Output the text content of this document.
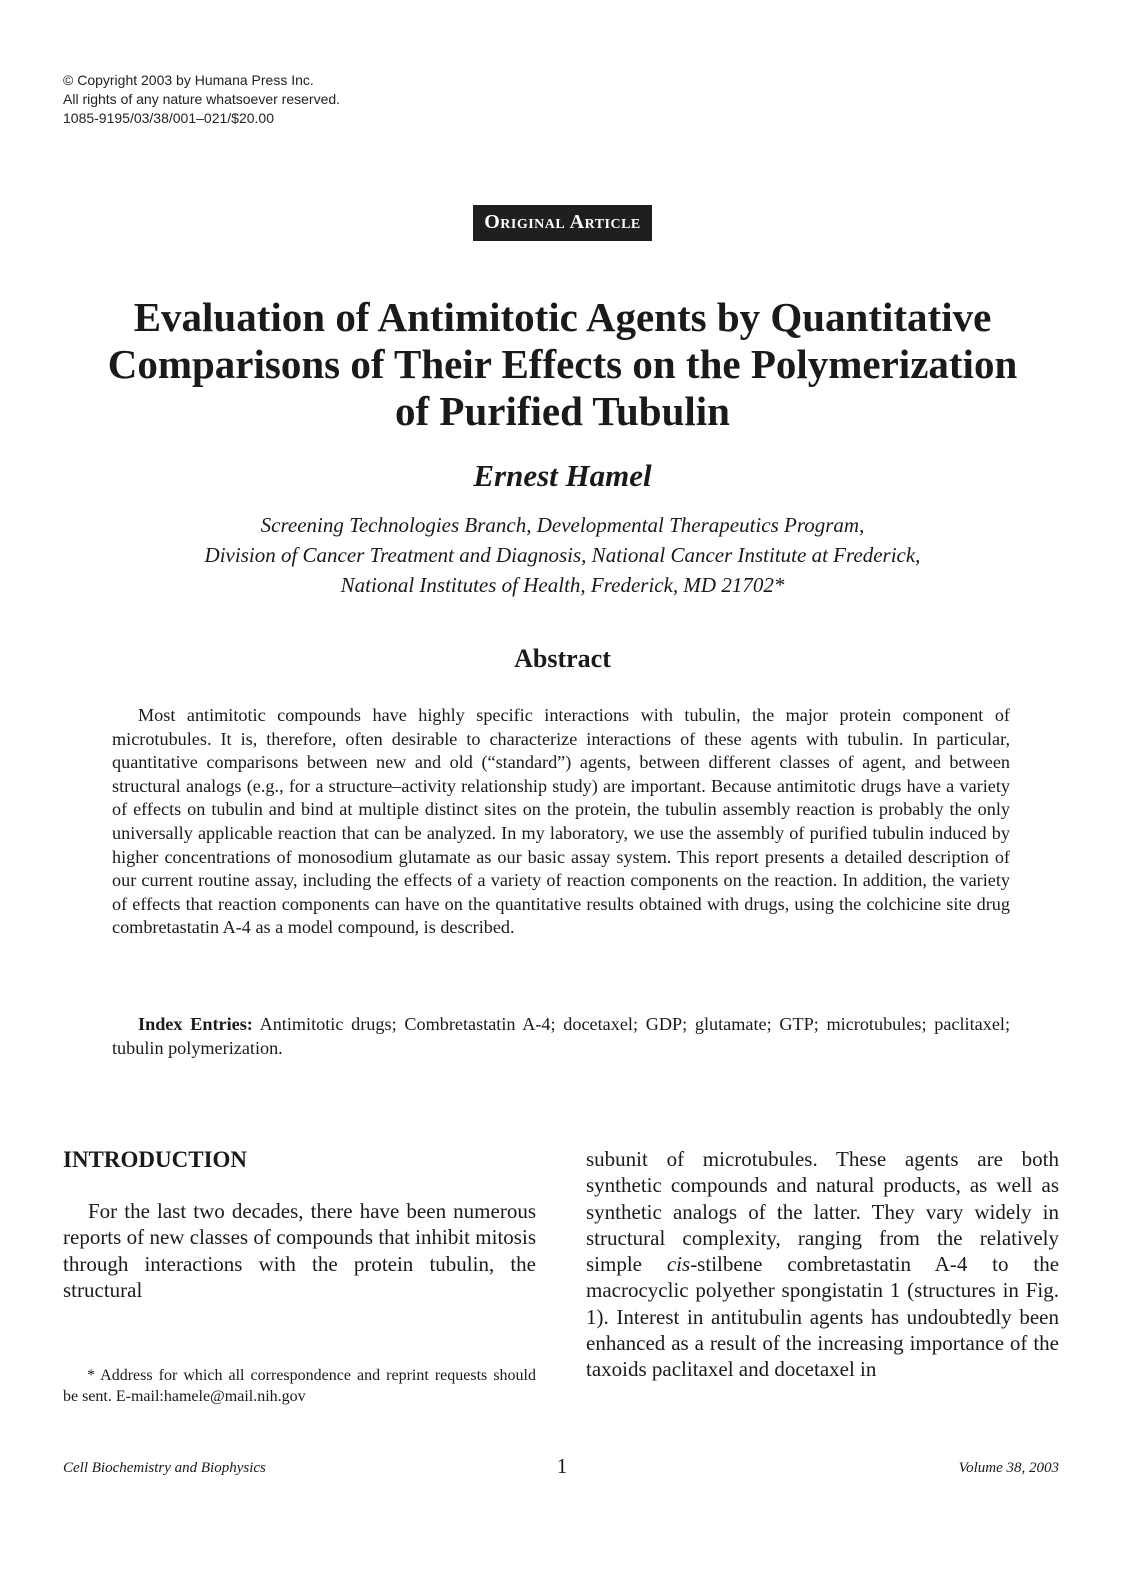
© Copyright 2003 by Humana Press Inc.
All rights of any nature whatsoever reserved.
1085-9195/03/38/001–021/$20.00
Original Article
Evaluation of Antimitotic Agents by Quantitative
Comparisons of Their Effects on the Polymerization
of Purified Tubulin
Ernest Hamel
Screening Technologies Branch, Developmental Therapeutics Program,
Division of Cancer Treatment and Diagnosis, National Cancer Institute at Frederick,
National Institutes of Health, Frederick, MD 21702*
Abstract

Most antimitotic compounds have highly specific interactions with tubulin, the major protein component of microtubules. It is, therefore, often desirable to characterize interactions of these agents with tubulin. In particular, quantitative comparisons between new and old (“standard”) agents, between different classes of agent, and between structural analogs (e.g., for a structure–activity relationship study) are important. Because antimitotic drugs have a variety of effects on tubulin and bind at multiple distinct sites on the protein, the tubulin assembly reaction is probably the only universally applicable reaction that can be analyzed. In my laboratory, we use the assembly of purified tubulin induced by higher concentrations of monosodium glutamate as our basic assay system. This report presents a detailed description of our current routine assay, including the effects of a variety of reaction components on the reaction. In addition, the variety of effects that reaction components can have on the quantitative results obtained with drugs, using the colchicine site drug combretastatin A-4 as a model compound, is described.

Index Entries: Antimitotic drugs; Combretastatin A-4; docetaxel; GDP; glutamate; GTP; microtubules; paclitaxel; tubulin polymerization.

INTRODUCTION

For the last two decades, there have been numerous reports of new classes of compounds that inhibit mitosis through interactions with the protein tubulin, the structural

* Address for which all correspondence and reprint requests should be sent. E-mail:hamele@mail.nih.gov

subunit of microtubules. These agents are both synthetic compounds and natural products, as well as synthetic analogs of the latter. They vary widely in structural complexity, ranging from the relatively simple cis-stilbene combretastatin A-4 to the macrocyclic polyether spongistatin 1 (structures in Fig. 1). Interest in antitubulin agents has undoubtedly been enhanced as a result of the increasing importance of the taxoids paclitaxel and docetaxel in

Cell Biochemistry and Biophysics	1	Volume 38, 2003
